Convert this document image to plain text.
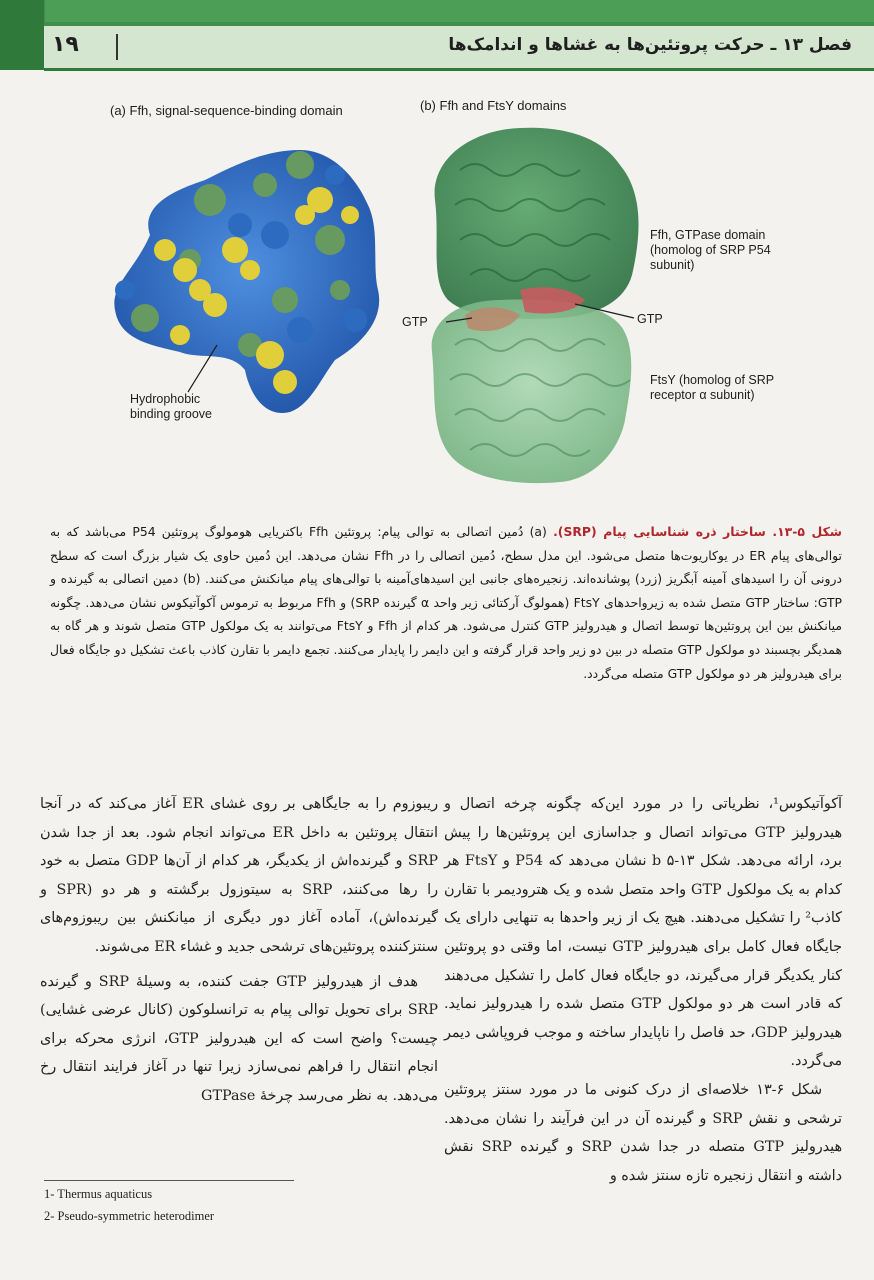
۱۹	فصل ۱۳ ـ حرکت پروتئین‌ها به غشاها و اندامک‌ها
(a) Ffh, signal-sequence-binding domain	(b) Ffh and FtsY domains
Hydrophobic
binding groove
Ffh, GTPase domain
(homolog of SRP P54
subunit)
FtsY (homolog of SRP
receptor α subunit)
GTP	GTP
شکل ۵-۱۳. ساختار ذره شناسایی پیام (SRP). (a) دُمین اتصالی به توالی پیام: پروتئین Ffh باکتریایی هومولوگ پروتئین P54 می‌باشد که به توالی‌های پیام ER در یوکاریوت‌ها متصل می‌شود. این مدل سطح، دُمین اتصالی را در Ffh نشان می‌دهد. این دُمین حاوی یک شیار بزرگ است که سطح درونی آن را اسیدهای آمینه آبگریز (زرد) پوشانده‌اند. زنجیره‌های جانبی این اسیدهای‌آمینه با توالی‌های پیام میانکنش می‌کنند. (b) دمین اتصالی به گیرنده و GTP: ساختار GTP متصل شده به زیرواحدهای FtsY (همولوگ آرکتائی زیر واحد α گیرنده SRP) و Ffh مربوط به ترموس آکوآتیکوس نشان می‌دهد. چگونه میانکنش بین این پروتئین‌ها توسط اتصال و هیدرولیز GTP کنترل می‌شود. هر کدام از Ffh و FtsY می‌توانند به یک مولکول GTP متصل شوند و هر گاه به همدیگر بچسبند دو مولکول GTP متصله در بین دو زیر واحد قرار گرفته و این دایمر را پایدار می‌کنند. تجمع دایمر با تقارن کاذب باعث تشکیل دو جایگاه فعال برای هیدرولیز هر دو مولکول GTP متصله می‌گردد.

آکوآتیکوس¹، نظریاتی را در مورد این‌که چگونه چرخه اتصال و هیدرولیز GTP می‌تواند اتصال و جداسازی این پروتئین‌ها را پیش برد، ارائه می‌دهد. شکل b ۵-۱۳ نشان می‌دهد که P54 و FtsY هر کدام به یک مولکول GTP واحد متصل شده و یک هترودیمر با تقارن کاذب² را تشکیل می‌دهند. هیچ یک از زیر واحدها به تنهایی دارای یک جایگاه فعال کامل برای هیدرولیز GTP نیست، اما وقتی دو پروتئین کنار یکدیگر قرار می‌گیرند، دو جایگاه فعال کامل را تشکیل می‌دهند که قادر است هر دو مولکول GTP متصل شده را هیدرولیز نماید. هیدرولیز GDP، حد فاصل را ناپایدار ساخته و موجب فروپاشی دیمر می‌گردد.

شکل ۶-۱۳ خلاصه‌ای از درک کنونی ما در مورد سنتز پروتئین ترشحی و نقش SRP و گیرنده آن در این فرآیند را نشان می‌دهد. هیدرولیز GTP متصله در جدا شدن SRP و گیرنده SRP نقش داشته و انتقال زنجیره تازه سنتز شده و

ریبوزوم را به جایگاهی بر روی غشای ER آغاز می‌کند که در آنجا انتقال پروتئین به داخل ER می‌تواند انجام شود. بعد از جدا شدن SRP و گیرنده‌اش از یکدیگر، هر کدام از آن‌ها GDP متصل به خود را رها می‌کنند، SRP به سیتوزول برگشته و هر دو (SPR و گیرنده‌اش)، آماده آغاز دور دیگری از میانکنش بین ریبوزوم‌های سنتزکننده پروتئین‌های ترشحی جدید و غشاء ER می‌شوند.

هدف از هیدرولیز GTP جفت کننده، به وسیلهٔ SRP و گیرنده SRP برای تحویل توالی پیام به ترانسلوکون (کانال عرضی غشایی) چیست؟ واضح است که این هیدرولیز GTP، انرژی محرکه برای انجام انتقال را فراهم نمی‌سازد زیرا تنها در آغاز فرایند انتقال رخ می‌دهد. به نظر می‌رسد چرخهٔ GTPase

1- Thermus aquaticus
2- Pseudo-symmetric heterodimer
